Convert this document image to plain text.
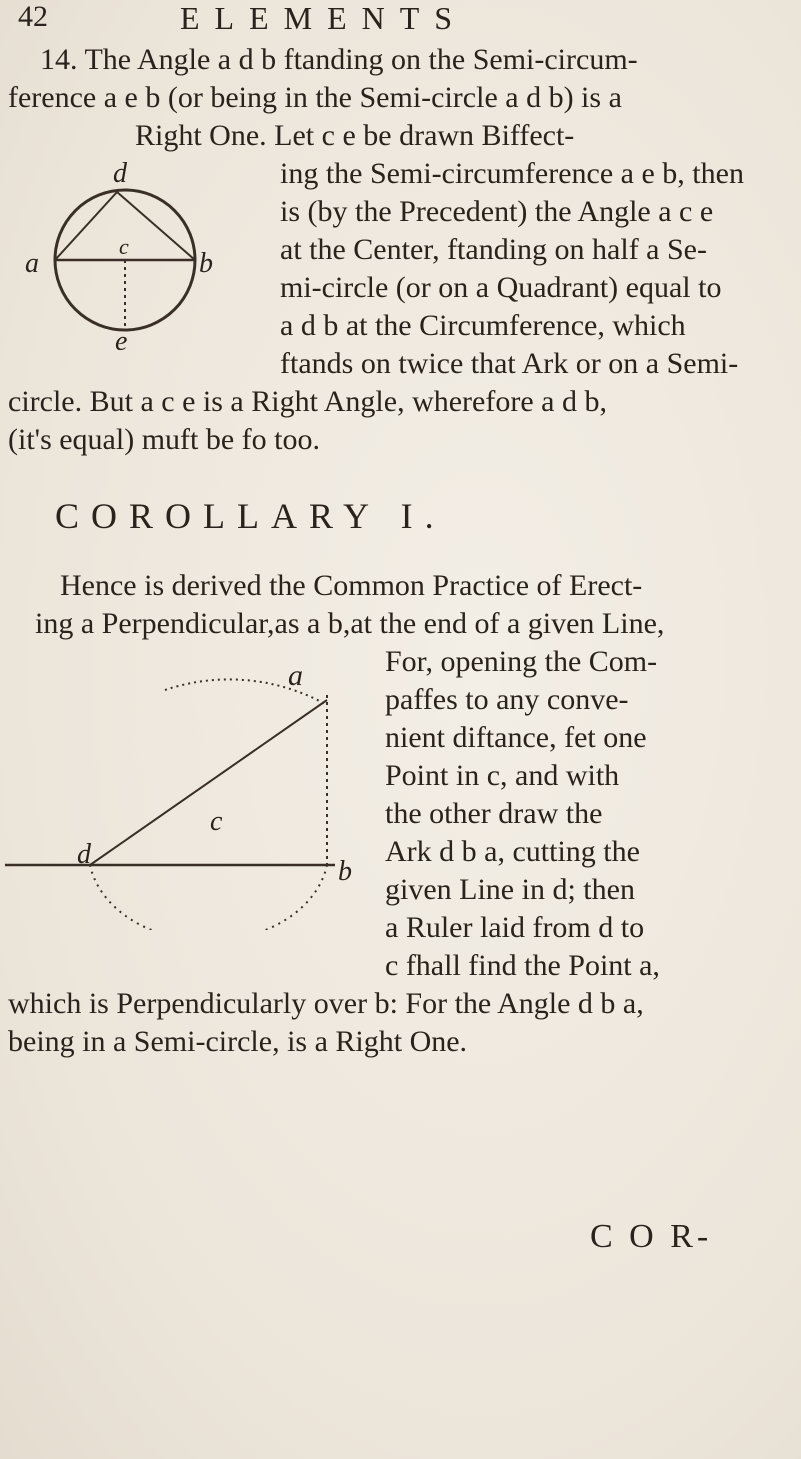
42	ELEMENTS
14. The Angle a d b ftanding on the Semi-circum-
ference a e b (or being in the Semi-circle a d b) is a
Right One. Let c e be drawn Biffect-
ing the Semi-circumference a e b, then
is (by the Precedent) the Angle a c e
at the Center, ftanding on half a Se-
mi-circle (or on a Quadrant) equal to
a d b at the Circumference, which
ftands on twice that Ark or on a Semi-
circle. But a c e is a Right Angle, wherefore a d b,
(it's equal) muft be fo too.
d
a
c
b
e
COROLLARY I.
Hence is derived the Common Practice of Erect-
ing a Perpendicular,as a b,at the end of a given Line,
For, opening the Com-
paffes to any conve-
nient diftance, fet one
Point in c, and with
the other draw the
Ark d b a, cutting the
given Line in d; then
a Ruler laid from d to
c fhall find the Point a,
which is Perpendicularly over b: For the Angle d b a,
being in a Semi-circle, is a Right One.
a
c
d
b
C O R-
